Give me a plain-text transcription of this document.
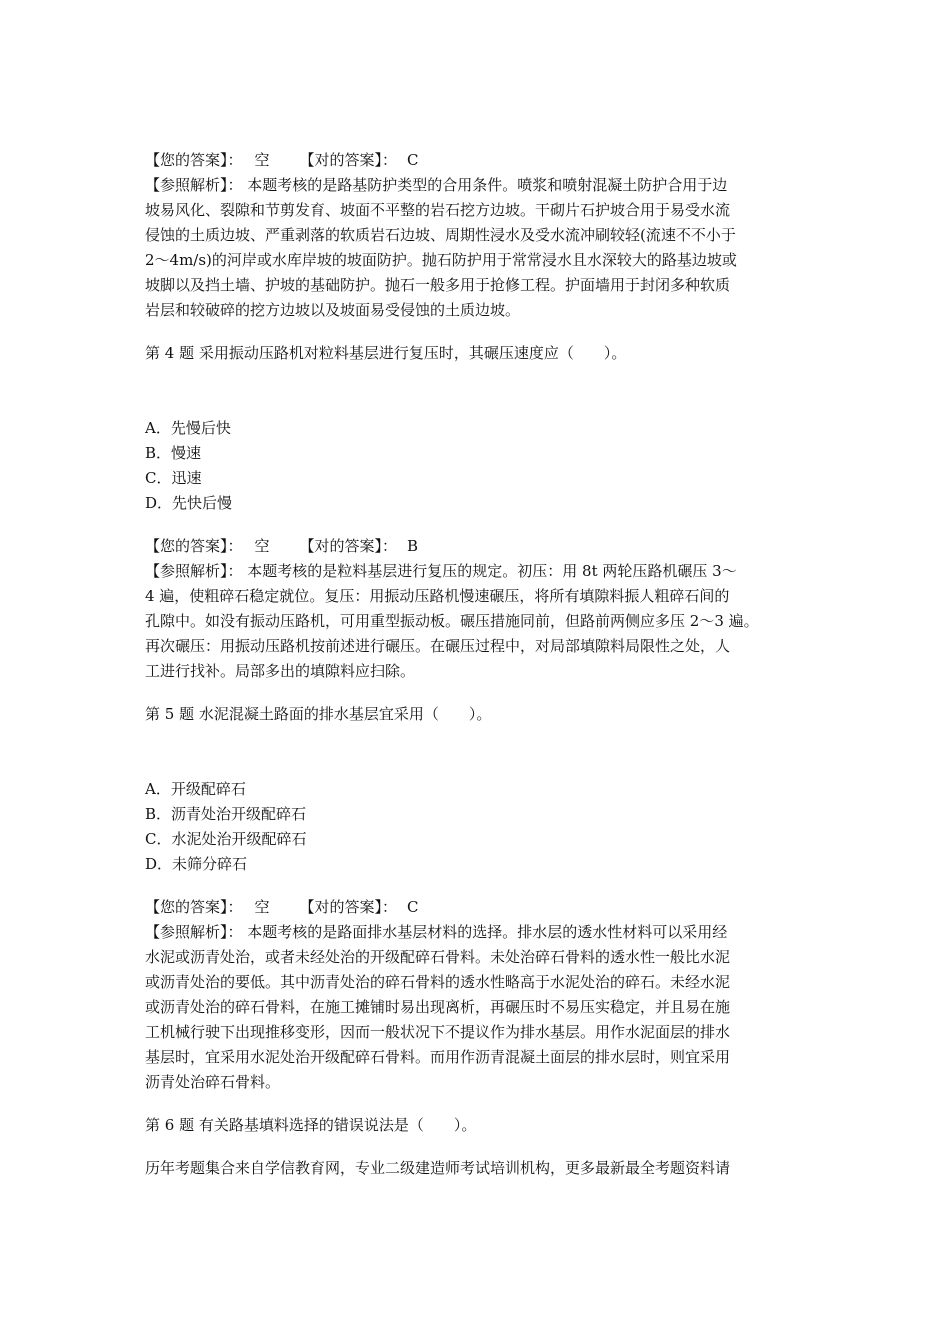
【您的答案】： 空 【对的答案】： C
【参照解析】： 本题考核的是路基防护类型的合用条件。喷浆和喷射混凝土防护合用于边
坡易风化、裂隙和节剪发育、坡面不平整的岩石挖方边坡。干砌片石护坡合用于易受水流
侵蚀的土质边坡、严重剥落的软质岩石边坡、周期性浸水及受水流冲刷较轻(流速不不小于
2～4m/s)的河岸或水库岸坡的坡面防护。抛石防护用于常常浸水且水深较大的路基边坡或
坡脚以及挡土墙、护坡的基础防护。抛石一般多用于抢修工程。护面墙用于封闭多种软质
岩层和较破碎的挖方边坡以及坡面易受侵蚀的土质边坡。
第 4 题 采用振动压路机对粒料基层进行复压时，其碾压速度应（　　）。
A．先慢后快
B．慢速
C．迅速
D．先快后慢
【您的答案】： 空 【对的答案】： B
【参照解析】： 本题考核的是粒料基层进行复压的规定。初压：用 8t 两轮压路机碾压 3～
4 遍，使粗碎石稳定就位。复压：用振动压路机慢速碾压，将所有填隙料振人粗碎石间的
孔隙中。如没有振动压路机，可用重型振动板。碾压措施同前，但路前两侧应多压 2～3 遍。
再次碾压：用振动压路机按前述进行碾压。在碾压过程中，对局部填隙料局限性之处，人
工进行找补。局部多出的填隙料应扫除。
第 5 题 水泥混凝土路面的排水基层宜采用（　　）。
A．开级配碎石
B．沥青处治开级配碎石
C．水泥处治开级配碎石
D．未筛分碎石
【您的答案】： 空 【对的答案】： C
【参照解析】： 本题考核的是路面排水基层材料的选择。排水层的透水性材料可以采用经
水泥或沥青处治，或者未经处治的开级配碎石骨料。未处治碎石骨料的透水性一般比水泥
或沥青处治的要低。其中沥青处治的碎石骨料的透水性略高于水泥处治的碎石。未经水泥
或沥青处治的碎石骨料，在施工摊铺时易出现离析，再碾压时不易压实稳定，并且易在施
工机械行驶下出现推移变形，因而一般状况下不提议作为排水基层。用作水泥面层的排水
基层时，宜采用水泥处治开级配碎石骨料。而用作沥青混凝土面层的排水层时，则宜采用
沥青处治碎石骨料。
第 6 题 有关路基填料选择的错误说法是（　　）。
历年考题集合来自学信教育网，专业二级建造师考试培训机构，更多最新最全考题资料请
